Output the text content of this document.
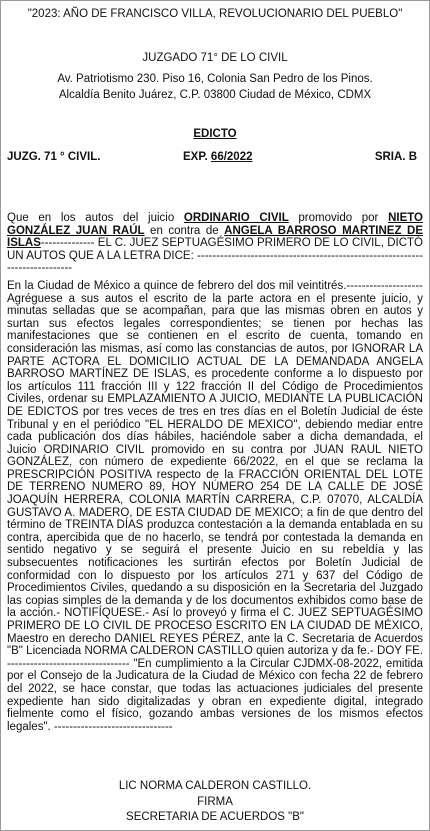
"2023: AÑO DE FRANCISCO VILLA, REVOLUCIONARIO DEL PUEBLO"
JUZGADO 71° DE LO CIVIL
Av. Patriotismo 230. Piso 16, Colonia San Pedro de los Pinos.
Alcaldía Benito Juárez, C.P. 03800 Ciudad de México, CDMX
EDICTO
JUZG. 71 ° CIVIL.	EXP. 66/2022	SRIA. B

Que en los autos del juicio ORDINARIO CIVIL promovido por NIETO GONZÁLEZ JUAN RAÚL en contra de ANGELA BARROSO MARTINEZ DE ISLAS-------------- EL C. JUEZ SEPTUAGÉSIMO PRIMERO DE LO CIVIL, DICTÓ UN AUTOS QUE A LA LETRA DICE: ----------------------------------------------------------------------------

En la Ciudad de México a quince de febrero del dos mil veintitrés.-------------------- Agréguese a sus autos el escrito de la parte actora en el presente juicio, y minutas selladas que se acompañan, para que las mismas obren en autos y surtan sus efectos legales correspondientes; se tienen por hechas las manifestaciones que se contienen en el escrito de cuenta, tomando en consideración las mismas, así como las constancias de autos, por IGNORAR LA PARTE ACTORA EL DOMICILIO ACTUAL DE LA DEMANDADA ANGELA BARROSO MARTÍNEZ DE ISLAS, es procedente conforme a lo dispuesto por los artículos 111 fracción III y 122 fracción II del Código de Procedimientos Civiles, ordenar su EMPLAZAMIENTO A JUICIO, MEDIANTE LA PUBLICACIÓN DE EDICTOS por tres veces de tres en tres días en el Boletín Judicial de éste Tribunal y en el periódico "EL HERALDO DE MEXICO", debiendo mediar entre cada publicación dos días hábiles, haciéndole saber a dicha demandada, el Juicio ORDINARIO CIVIL promovido en su contra por JUAN RAUL NIETO GONZÁLEZ, con número de expediente 66/2022, en el que se reclama la PRESCRIPCIÓN POSITIVA respecto de la FRACCIÓN ORIENTAL DEL LOTE DE TERRENO NUMERO 89, HOY NÚMERO 254 DE LA CALLE DE JOSÉ JOAQUÍN HERRERA, COLONIA MARTÍN CARRERA, C.P. 07070, ALCALDÍA GUSTAVO A. MADERO, DE ESTA CIUDAD DE MEXICO; a fin de que dentro del término de TREINTA DÍAS produzca contestación a la demanda entablada en su contra, apercibida que de no hacerlo, se tendrá por contestada la demanda en sentido negativo y se seguirá el presente Juicio en su rebeldía y las subsecuentes notificaciones les surtirán efectos por Boletín Judicial de conformidad con lo dispuesto por los artículos 271 y 637 del Código de Procedimientos Civiles, quedando a su disposición en la Secretaria del Juzgado las copias simples de la demanda y de los documentos exhibidos como base de la acción.- NOTIFÍQUESE.- Así lo proveyó y firma el C. JUEZ SEPTUAGÉSIMO PRIMERO DE LO CIVIL DE PROCESO ESCRITO EN LA CIUDAD DE MÉXICO, Maestro en derecho DANIEL REYES PÉREZ, ante la C. Secretaria de Acuerdos "B" Licenciada NORMA CALDERON CASTILLO quien autoriza y da fe.- DOY FE. -------------------------------- "En cumplimiento a la Circular CJDMX-08-2022, emitida por el Consejo de la Judicatura de la Ciudad de México con fecha 22 de febrero del 2022, se hace constar, que todas las actuaciones judiciales del presente expediente han sido digitalizadas y obran en expediente digital, integrado fielmente como el físico, gozando ambas versiones de los mismos efectos legales". -------------------------------

LIC NORMA CALDERON CASTILLO.
FIRMA
SECRETARIA DE ACUERDOS "B"
